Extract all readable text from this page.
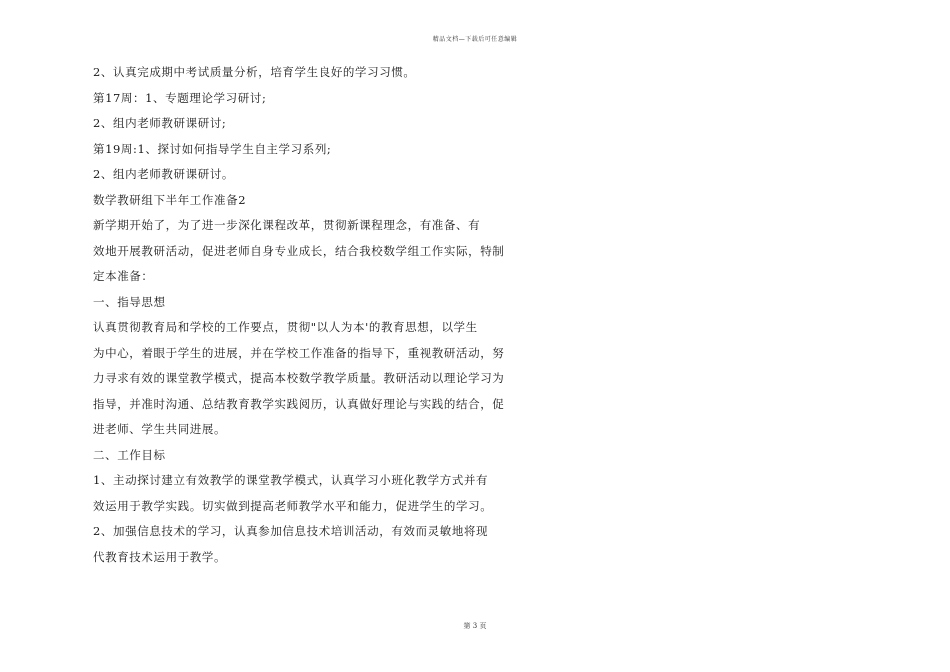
精品文档—下载后可任意编辑
2、认真完成期中考试质量分析，培育学生良好的学习习惯。
第17周：1、专题理论学习研讨;
2、组内老师教研课研讨;
第19周:1、探讨如何指导学生自主学习系列;
2、组内老师教研课研讨。
数学教研组下半年工作准备2
新学期开始了，为了进一步深化课程改革，贯彻新课程理念，有准备、有
效地开展教研活动，促进老师自身专业成长，结合我校数学组工作实际，特制
定本准备：
一、指导思想
认真贯彻教育局和学校的工作要点，贯彻"以人为本'的教育思想，以学生
为中心，着眼于学生的进展，并在学校工作准备的指导下，重视教研活动，努
力寻求有效的课堂教学模式，提高本校数学教学质量。教研活动以理论学习为
指导，并准时沟通、总结教育教学实践阅历，认真做好理论与实践的结合，促
进老师、学生共同进展。
二、工作目标
1、主动探讨建立有效教学的课堂教学模式，认真学习小班化教学方式并有
效运用于教学实践。切实做到提高老师教学水平和能力，促进学生的学习。
2、加强信息技术的学习，认真参加信息技术培训活动，有效而灵敏地将现
代教育技术运用于教学。
第 3 页
